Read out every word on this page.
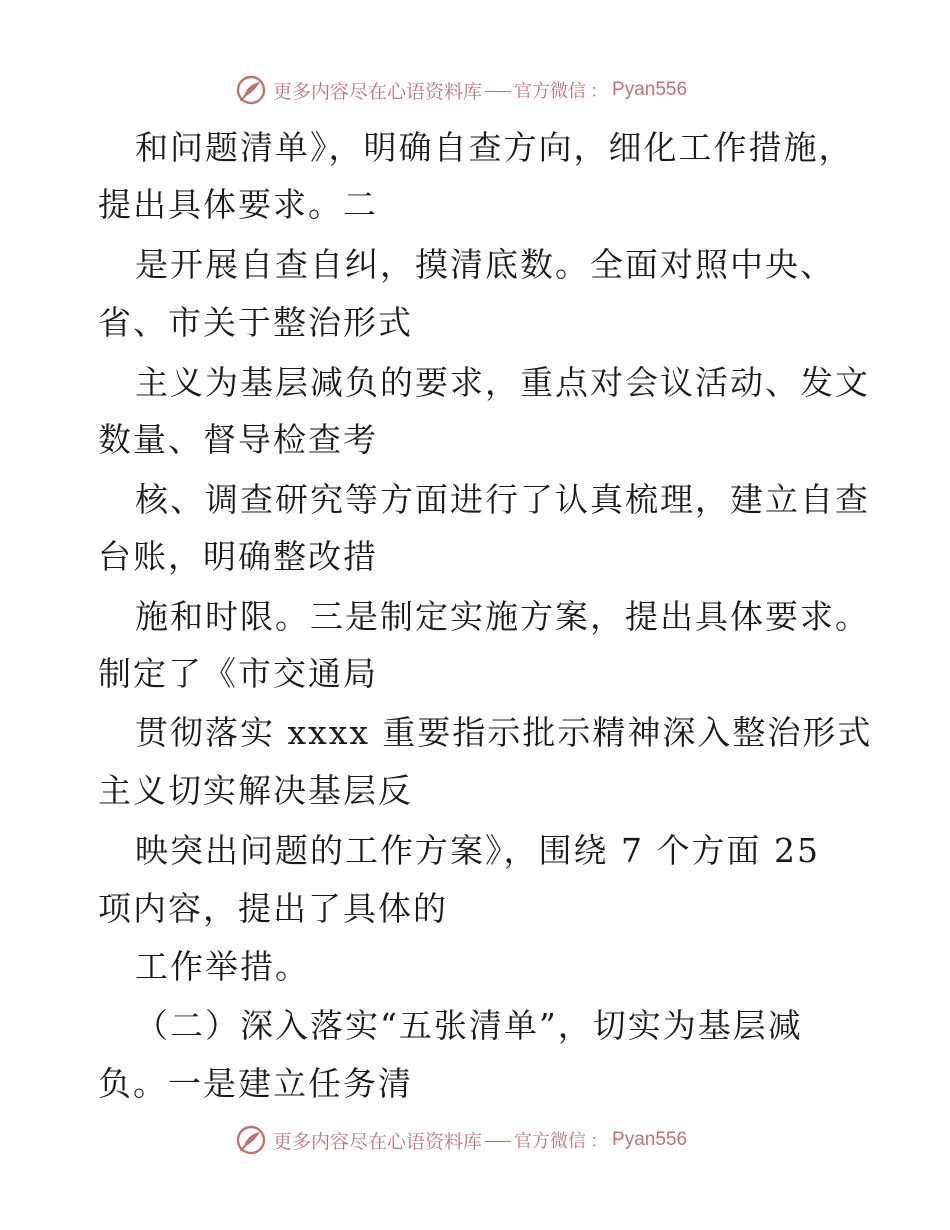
更多内容尽在心语资料库 官方微信 ： Pyan556

和问题清单》，明确自查方向，细化工作措施，

提出具体要求。二

是开展自查自纠，摸清底数。全面对照中央、

省、市关于整治形式

主义为基层减负的要求，重点对会议活动、发文

数量、督导检查考

核、调查研究等方面进行了认真梳理，建立自查

台账，明确整改措

施和时限。三是制定实施方案，提出具体要求。

制定了《市交通局

贯彻落实 xxxx 重要指示批示精神深入整治形式

主义切实解决基层反

映突出问题的工作方案》，围绕 7 个方面 25

项内容，提出了具体的

工作举措。

（二）深入落实“五张清单”，切实为基层减

负。一是建立任务清

更多内容尽在心语资料库 官方微信 ： Pyan556
